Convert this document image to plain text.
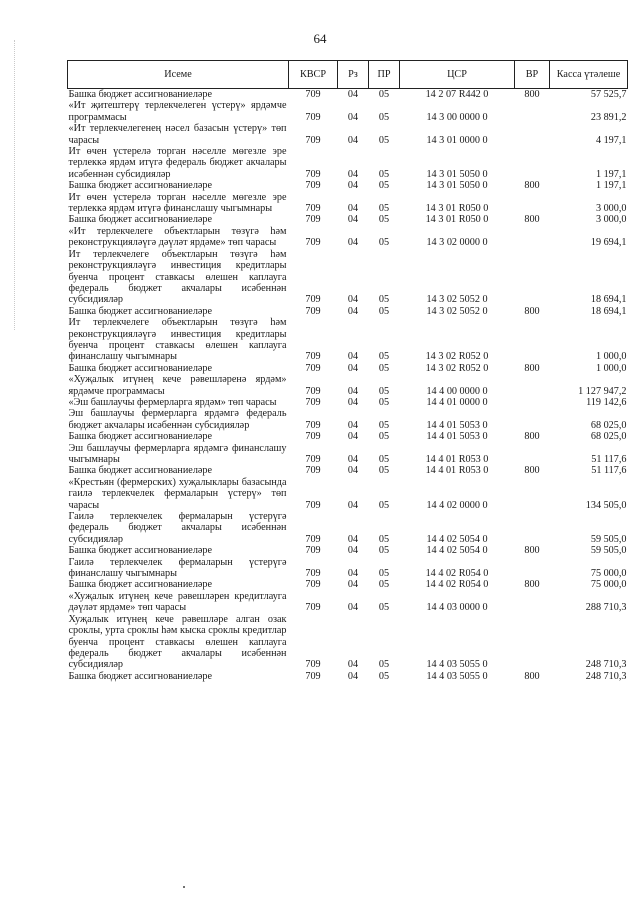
64
Исеме	КВСР	Рз	ПР	ЦСР	ВР	Касса үтәлеше
Башка бюджет ассигнованиеләре	709	04	05	14 2 07 R442 0	800	57 525,7
«Ит җитештерү терлекчелеген үстерү» ярдәмче программасы	709	04	05	14 3 00 0000 0		23 891,2
«Ит терлекчелегенең нәсел базасын үстерү» төп чарасы	709	04	05	14 3 01 0000 0		4 197,1
Ит өчен үстерелә торган нәселле мөгезле эре терлеккә ярдәм итүгә федераль бюджет акчалары исәбеннән субсидияләр	709	04	05	14 3 01 5050 0		1 197,1
Башка бюджет ассигнованиеләре	709	04	05	14 3 01 5050 0	800	1 197,1
Ит өчен үстерелә торган нәселле мөгезле эре терлеккә ярдәм итүгә финанслашу чыгымнары	709	04	05	14 3 01 R050 0		3 000,0
Башка бюджет ассигнованиеләре	709	04	05	14 3 01 R050 0	800	3 000,0
«Ит терлекчелеге объектларын төзүгә һәм реконструкцияләүгә дәүләт ярдәме» төп чарасы	709	04	05	14 3 02 0000 0		19 694,1
Ит терлекчелеге объектларын төзүгә һәм реконструкцияләүгә инвестиция кредитлары буенча процент ставкасы өлешен каплауга федераль бюджет акчалары исәбеннән субсидияләр	709	04	05	14 3 02 5052 0		18 694,1
Башка бюджет ассигнованиеләре	709	04	05	14 3 02 5052 0	800	18 694,1
Ит терлекчелеге объектларын төзүгә һәм реконструкцияләүгә инвестиция кредитлары буенча процент ставкасы өлешен каплауга финанслашу чыгымнары	709	04	05	14 3 02 R052 0		1 000,0
Башка бюджет ассигнованиеләре	709	04	05	14 3 02 R052 0	800	1 000,0
«Хуҗалык итүнең кече рәвешләренә ярдәм» ярдәмче программасы	709	04	05	14 4 00 0000 0		1 127 947,2
«Эш башлаучы фермерларга ярдәм» төп чарасы	709	04	05	14 4 01 0000 0		119 142,6
Эш башлаучы фермерларга ярдәмгә федераль бюджет акчалары исәбеннән субсидияләр	709	04	05	14 4 01 5053 0		68 025,0
Башка бюджет ассигнованиеләре	709	04	05	14 4 01 5053 0	800	68 025,0
Эш башлаучы фермерларга ярдәмгә финанслашу чыгымнары	709	04	05	14 4 01 R053 0		51 117,6
Башка бюджет ассигнованиеләре	709	04	05	14 4 01 R053 0	800	51 117,6
«Крестьян (фермерских) хуҗалыклары базасында гаилә терлекчелек фермаларын үстерү» төп чарасы	709	04	05	14 4 02 0000 0		134 505,0
Гаилә терлекчелек фермаларын үстерүгә федераль бюджет акчалары исәбеннән субсидияләр	709	04	05	14 4 02 5054 0		59 505,0
Башка бюджет ассигнованиеләре	709	04	05	14 4 02 5054 0	800	59 505,0
Гаилә терлекчелек фермаларын үстерүгә финанслашу чыгымнары	709	04	05	14 4 02 R054 0		75 000,0
Башка бюджет ассигнованиеләре	709	04	05	14 4 02 R054 0	800	75 000,0
«Хуҗалык итүнең кече рәвешләрен кредитлауга дәүләт ярдәме» төп чарасы	709	04	05	14 4 03 0000 0		288 710,3
Хуҗалык итүнең кече рәвешләре алган озак сроклы, урта сроклы һәм кыска сроклы кредитлар буенча процент ставкасы өлешен каплауга федераль бюджет акчалары исәбеннән субсидияләр	709	04	05	14 4 03 5055 0		248 710,3
Башка бюджет ассигнованиеләре	709	04	05	14 4 03 5055 0	800	248 710,3
